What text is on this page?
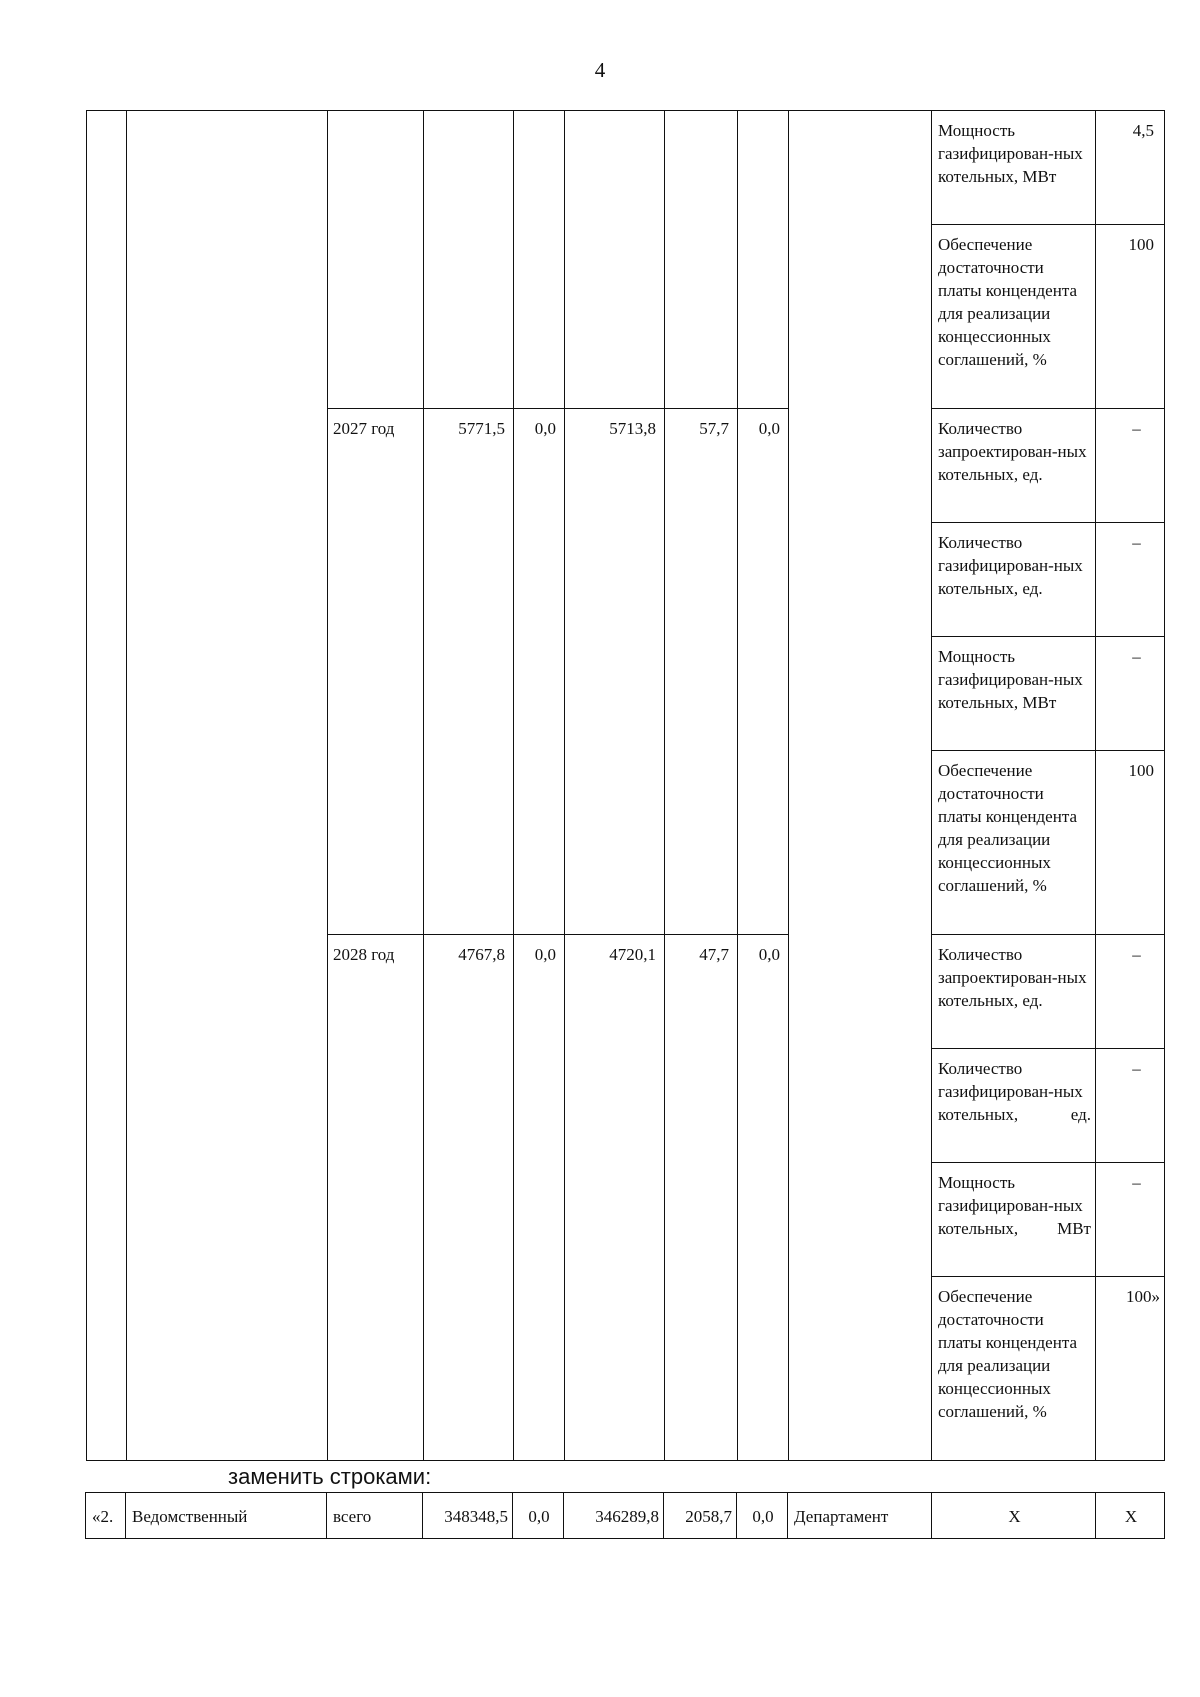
4
									Мощность газифицирован-ных котельных, МВт	4,5
									Обеспечение достаточности платы концендента для реализации концессионных соглашений, %	100
		2027 год	5771,5	0,0	5713,8	57,7	0,0		Количество запроектирован-ных котельных, ед.	–
									Количество газифицирован-ных котельных, ед.	–
									Мощность газифицирован-ных котельных, МВт	–
									Обеспечение достаточности платы концендента для реализации концессионных соглашений, %	100
		2028 год	4767,8	0,0	4720,1	47,7	0,0		Количество запроектирован-ных котельных, ед.	–
									Количество газифицирован-ных котельных, ед.	–
									Мощность газифицирован-ных котельных, МВт	–
									Обеспечение достаточности платы концендента для реализации концессионных соглашений, %	100»
заменить строками:
«2.	Ведомственный	всего	348348,5	0,0	346289,8	2058,7	0,0	Департамент	Х	Х
